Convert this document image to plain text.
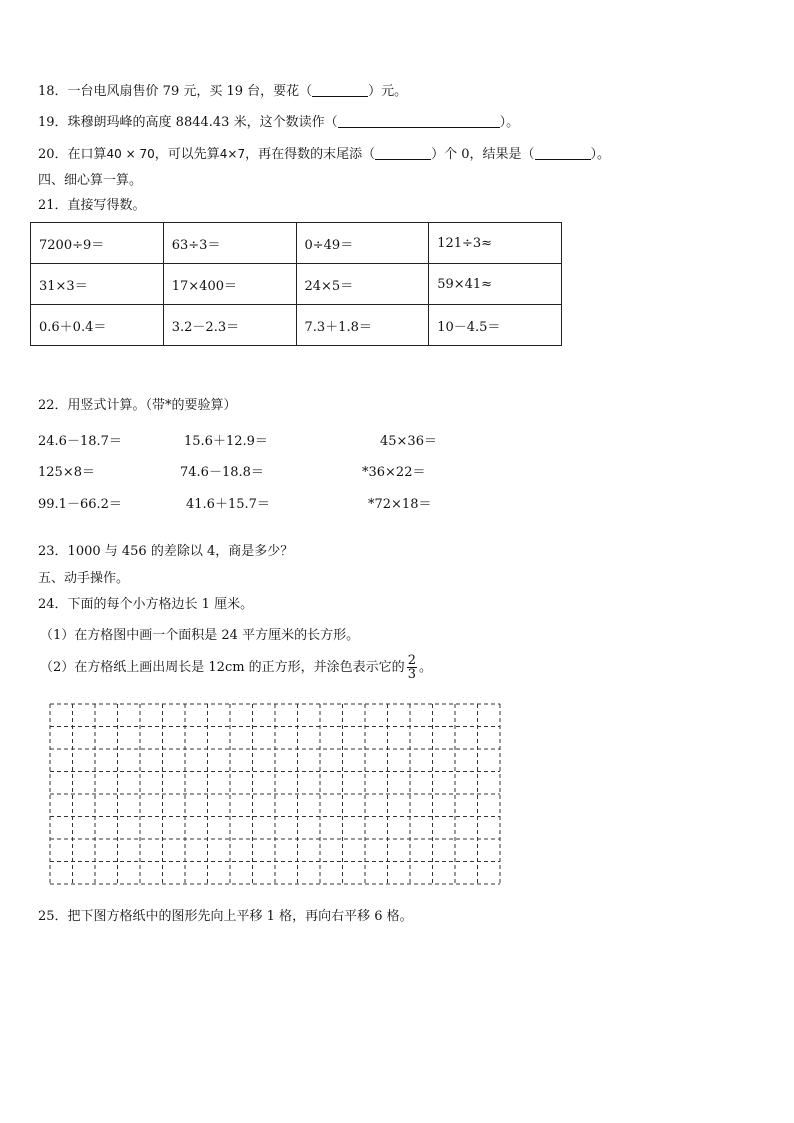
18．一台电风扇售价 79 元，买 19 台，要花（	）元。
19．珠穆朗玛峰的高度 8844.43 米，这个数读作（	）。
20．在口算40 × 70，可以先算4×7，再在得数的末尾添（	）个 0，结果是（	）。
四、细心算一算。
21．直接写得数。
7200÷9＝	63÷3＝	0÷49＝	121÷3≈
31×3＝	17×400＝	24×5＝	59×41≈
0.6＋0.4＝	3.2－2.3＝	7.3＋1.8＝	10－4.5＝
22．用竖式计算。（带*的要验算）
24.6－18.7＝	15.6＋12.9＝	45×36＝
125×8＝	74.6－18.8＝	*36×22＝
99.1－66.2＝	41.6＋15.7＝	*72×18＝
23．1000 与 456 的差除以 4，商是多少？
五、动手操作。
24．下面的每个小方格边长 1 厘米。
（1）在方格图中画一个面积是 24 平方厘米的长方形。
（2）在方格纸上画出周长是 12cm 的正方形，并涂色表示它的 $\frac{2}{3}$ 。
25．把下图方格纸中的图形先向上平移 1 格，再向右平移 6 格。
